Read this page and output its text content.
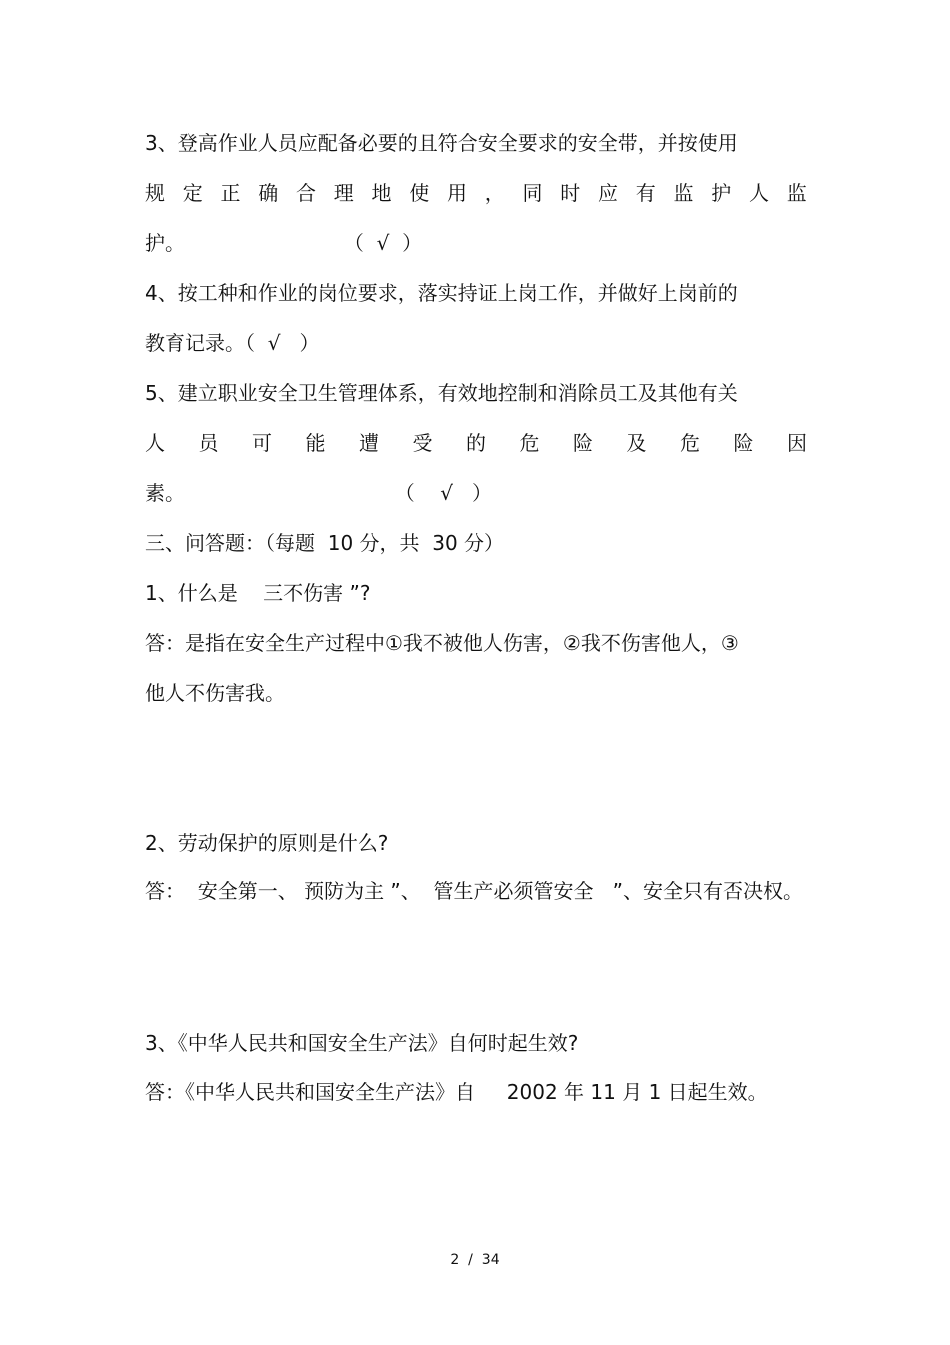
3、登高作业人员应配备必要的且符合安全要求的安全带，并按使用
规 定 正 确 合 理 地 使 用 ， 同 时 应 有 监 护 人 监
护。                         （  √  ）
4、按工种和作业的岗位要求，落实持证上岗工作，并做好上岗前的
教育记录。（  √   ）
5、建立职业安全卫生管理体系，有效地控制和消除员工及其他有关
人 员 可 能 遭 受 的 危 险 及 危 险 因
素。                                 （    √   ）
三、问答题：（每题  10 分，共  30 分）
1、什么是    三不伤害 ”?
答：是指在安全生产过程中①我不被他人伤害，②我不伤害他人，③
他人不伤害我。
2、劳动保护的原则是什么?
答：  安全第一、 预防为主 ”、  管生产必须管安全   ”、安全只有否决权。
3、《中华人民共和国安全生产法》自何时起生效?
答：《中华人民共和国安全生产法》自     2002 年 11 月 1 日起生效。
2  /  34
